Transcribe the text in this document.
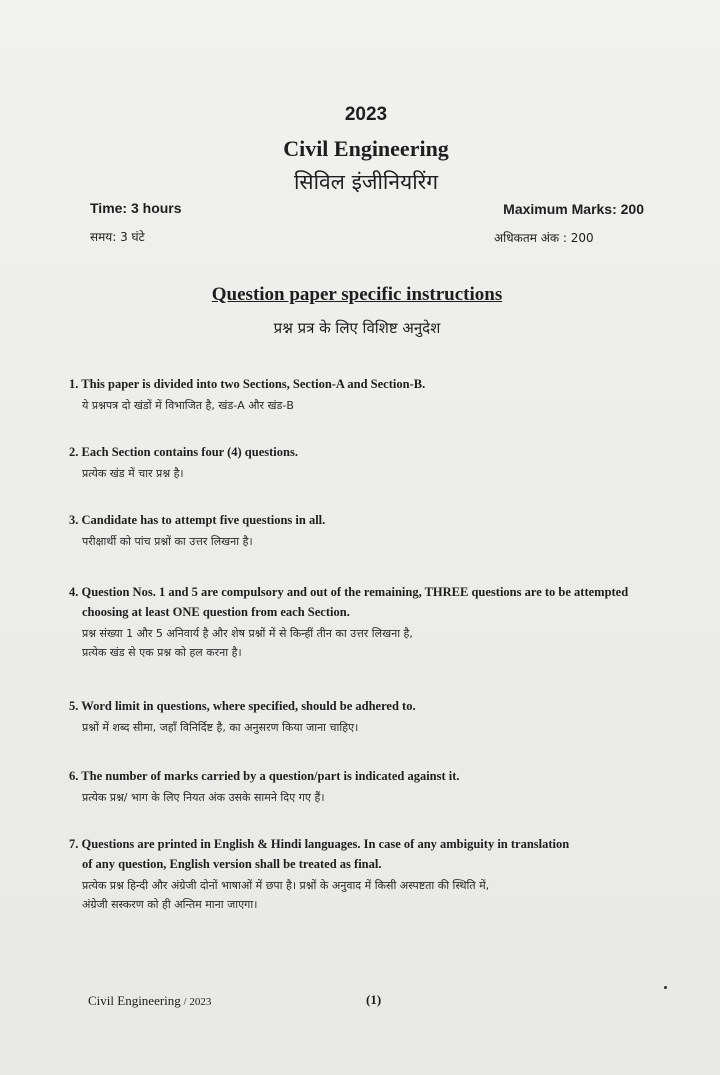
2023
Civil Engineering
सिविल इंजीनियरिंग
Time: 3 hours
समय: 3 घंटे
Maximum Marks: 200
अधिकतम अंक : 200
Question paper specific instructions
प्रश्न प्रत्र के लिए विशिष्ट अनुदेश

1. This paper is divided into two Sections, Section-A and Section-B.

ये प्रश्नपत्र दो खंडों में विभाजित है, खंड-A और खंड-B

2. Each Section contains four (4) questions.

प्रत्येक खंड में चार प्रश्न है।

3. Candidate has to attempt five questions in all.

परीक्षार्थी को पांच प्रश्नों का उत्तर लिखना है।

4. Question Nos. 1 and 5 are compulsory and out of the remaining, THREE questions are to be attempted
choosing at least ONE question from each Section.

प्रश्न संख्या 1 और 5 अनिवार्य है और शेष प्रश्नों में से किन्हीं तीन का उत्तर लिखना है,
प्रत्येक खंड से एक प्रश्न को हल करना है।

5. Word limit in questions, where specified, should be adhered to.

प्रश्नों में शब्द सीमा, जहाँ विनिर्दिष्ट है, का अनुसरण किया जाना चाहिए।

6. The number of marks carried by a question/part is indicated against it.

प्रत्येक प्रश्न/ भाग के लिए नियत अंक उसके सामने दिए गए हैं।

7. Questions are printed in English & Hindi languages. In case of any ambiguity in translation
of any question, English version shall be treated as final.

प्रत्येक प्रश्न हिन्दी और अंग्रेजी दोनों भाषाओं में छपा है। प्रश्नों के अनुवाद में किसी अस्पष्टता की स्थिति में,
अंग्रेजी सस्करण को ही अन्तिम माना जाएगा।

Civil Engineering / 2023	(1)
